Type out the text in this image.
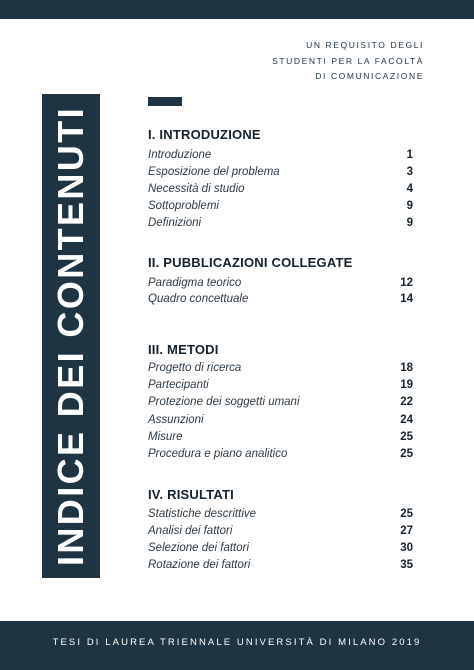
UN REQUISITO DEGLI
STUDENTI PER LA FACOLTÀ
DI COMUNICAZIONE
INDICE DEI CONTENUTI	I. INTRODUZIONE
Introduzione	1
Esposizione del problema	3
Necessità di studio	4
Sottoproblemi	9
Definizioni	9
II. PUBBLICAZIONI COLLEGATE
Paradigma teorico	12
Quadro concettuale	14
III. METODI
Progetto di ricerca	18
Partecipanti	19
Protezione dei soggetti umani	22
Assunzioni	24
Misure	25
Procedura e piano analitico	25
IV. RISULTATI
Statistiche descrittive	25
Analisi dei fattori	27
Selezione dei fattori	30
Rotazione dei fattori	35
TESI DI LAUREA TRIENNALE UNIVERSITÀ DI MILANO 2019
